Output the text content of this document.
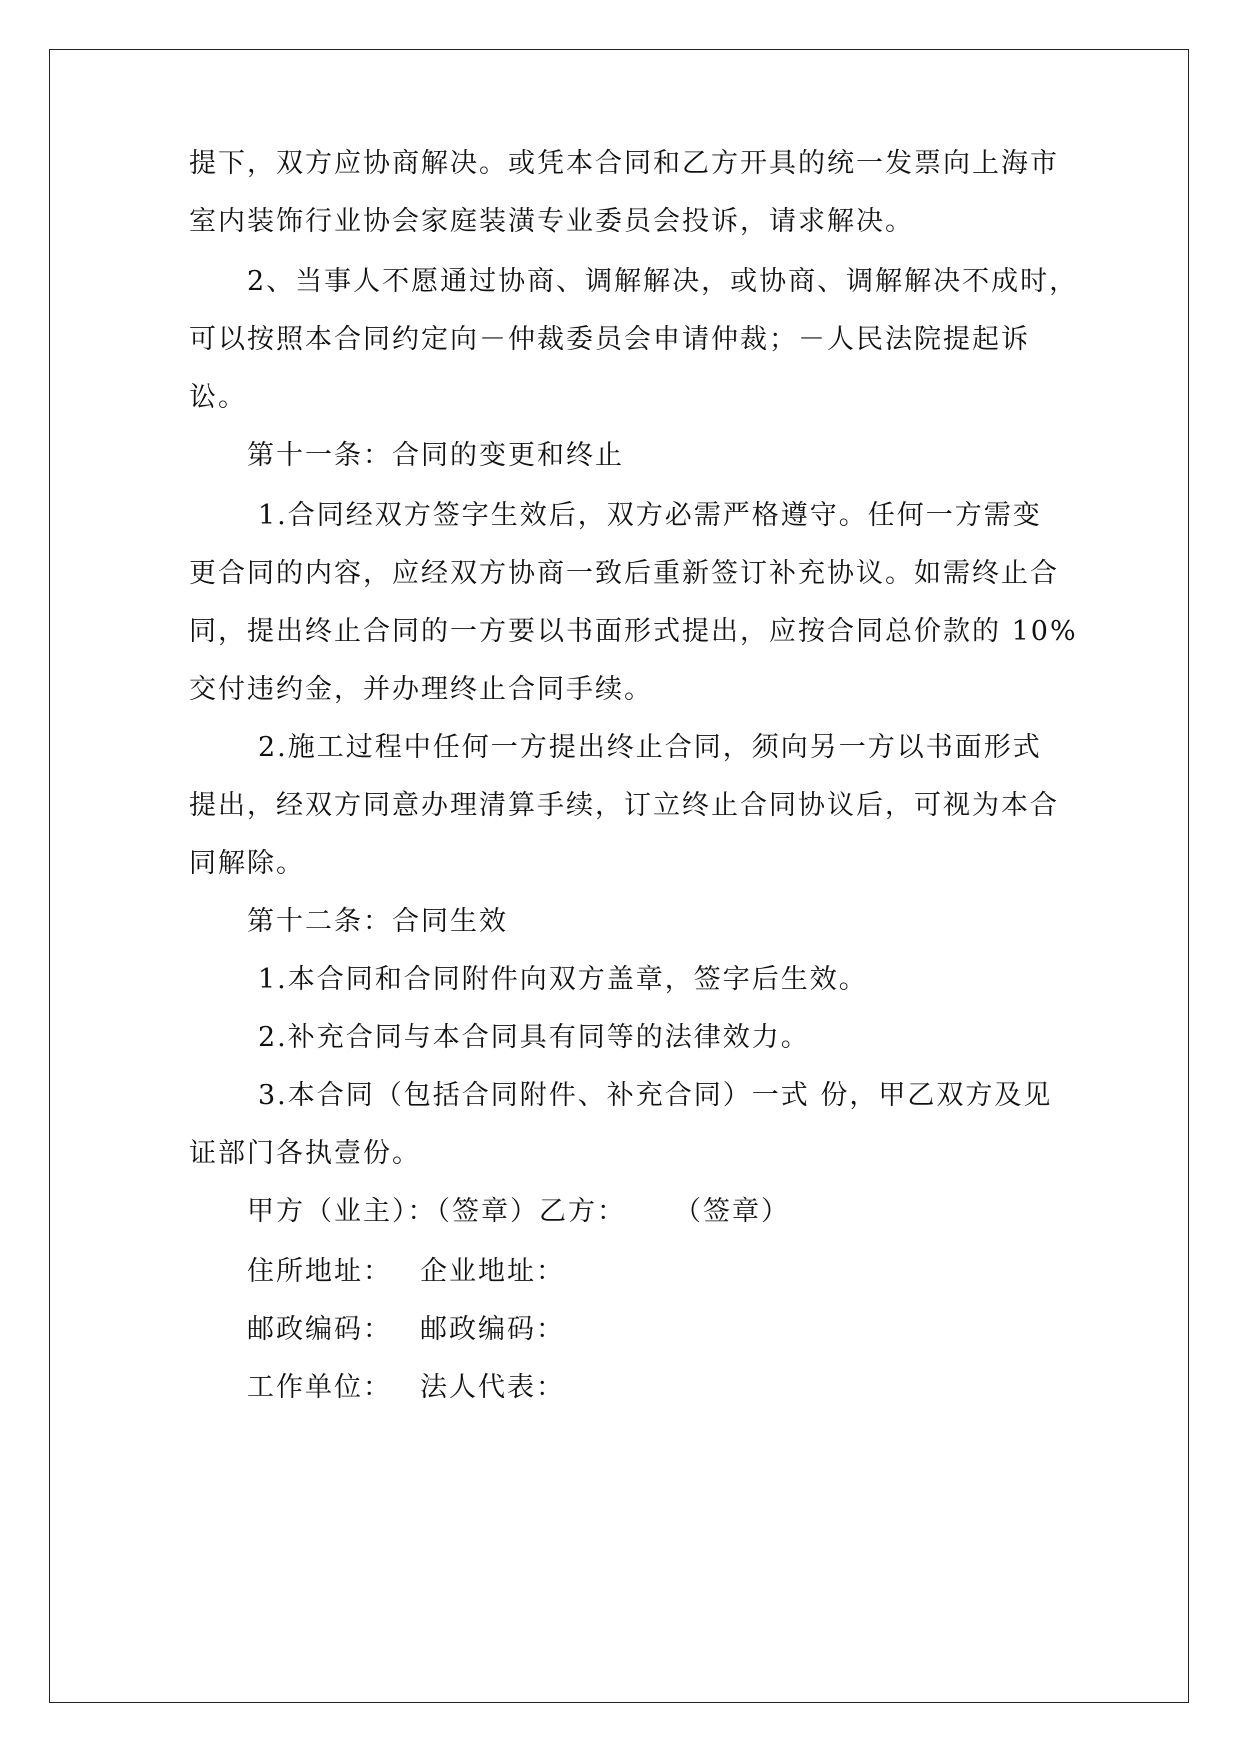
提下，双方应协商解决。或凭本合同和乙方开具的统一发票向上海市
室内装饰行业协会家庭装潢专业委员会投诉，请求解决。
2、当事人不愿通过协商、调解解决，或协商、调解解决不成时，
可以按照本合同约定向－仲裁委员会申请仲裁；－人民法院提起诉
讼。
第十一条：合同的变更和终止
1.合同经双方签字生效后，双方必需严格遵守。任何一方需变
更合同的内容，应经双方协商一致后重新签订补充协议。如需终止合
同，提出终止合同的一方要以书面形式提出，应按合同总价款的 10%
交付违约金，并办理终止合同手续。
2.施工过程中任何一方提出终止合同，须向另一方以书面形式
提出，经双方同意办理清算手续，订立终止合同协议后，可视为本合
同解除。
第十二条：合同生效
1.本合同和合同附件向双方盖章，签字后生效。
2.补充合同与本合同具有同等的法律效力。
3.本合同（包括合同附件、补充合同）一式 份，甲乙双方及见
证部门各执壹份。
甲方（业主）：（签章）乙方： （签章）
住所地址： 企业地址：
邮政编码： 邮政编码：
工作单位： 法人代表：
